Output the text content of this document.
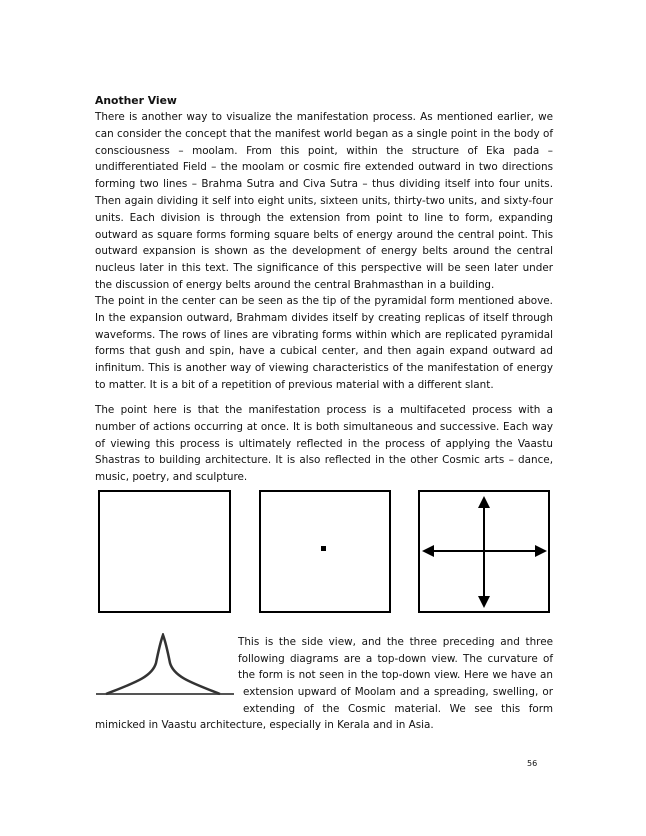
Another View
There is another way to visualize the manifestation process. As mentioned earlier, we can consider the concept that the manifest world began as a single point in the body of consciousness – moolam. From this point, within the structure of Eka pada – undifferentiated Field – the moolam or cosmic fire extended outward in two directions forming two lines – Brahma Sutra and Civa Sutra – thus dividing itself into four units. Then again dividing it self into eight units, sixteen units, thirty-two units, and sixty-four units. Each division is through the extension from point to line to form, expanding outward as square forms forming square belts of energy around the central point. This outward expansion is shown as the development of energy belts around the central nucleus later in this text. The significance of this perspective will be seen later under the discussion of energy belts around the central Brahmasthan in a building.
The point in the center can be seen as the tip of the pyramidal form mentioned above. In the expansion outward, Brahmam divides itself by creating replicas of itself through waveforms. The rows of lines are vibrating forms within which are replicated pyramidal forms that gush and spin, have a cubical center, and then again expand outward ad infinitum. This is another way of viewing characteristics of the manifestation of energy to matter. It is a bit of a repetition of previous material with a different slant.
The point here is that the manifestation process is a multifaceted process with a number of actions occurring at once. It is both simultaneous and successive. Each way of viewing this process is ultimately reflected in the process of applying the Vaastu Shastras to building architecture. It is also reflected in the other Cosmic arts – dance, music, poetry, and sculpture.
This is the side view, and the three preceding and three
following diagrams are a top-down view. The curvature of
the form is not seen in the top-down view. Here we have an
extension upward of Moolam and a spreading, swelling, or
extending of the Cosmic material. We see this form
mimicked in Vaastu architecture, especially in Kerala and in Asia.
56
